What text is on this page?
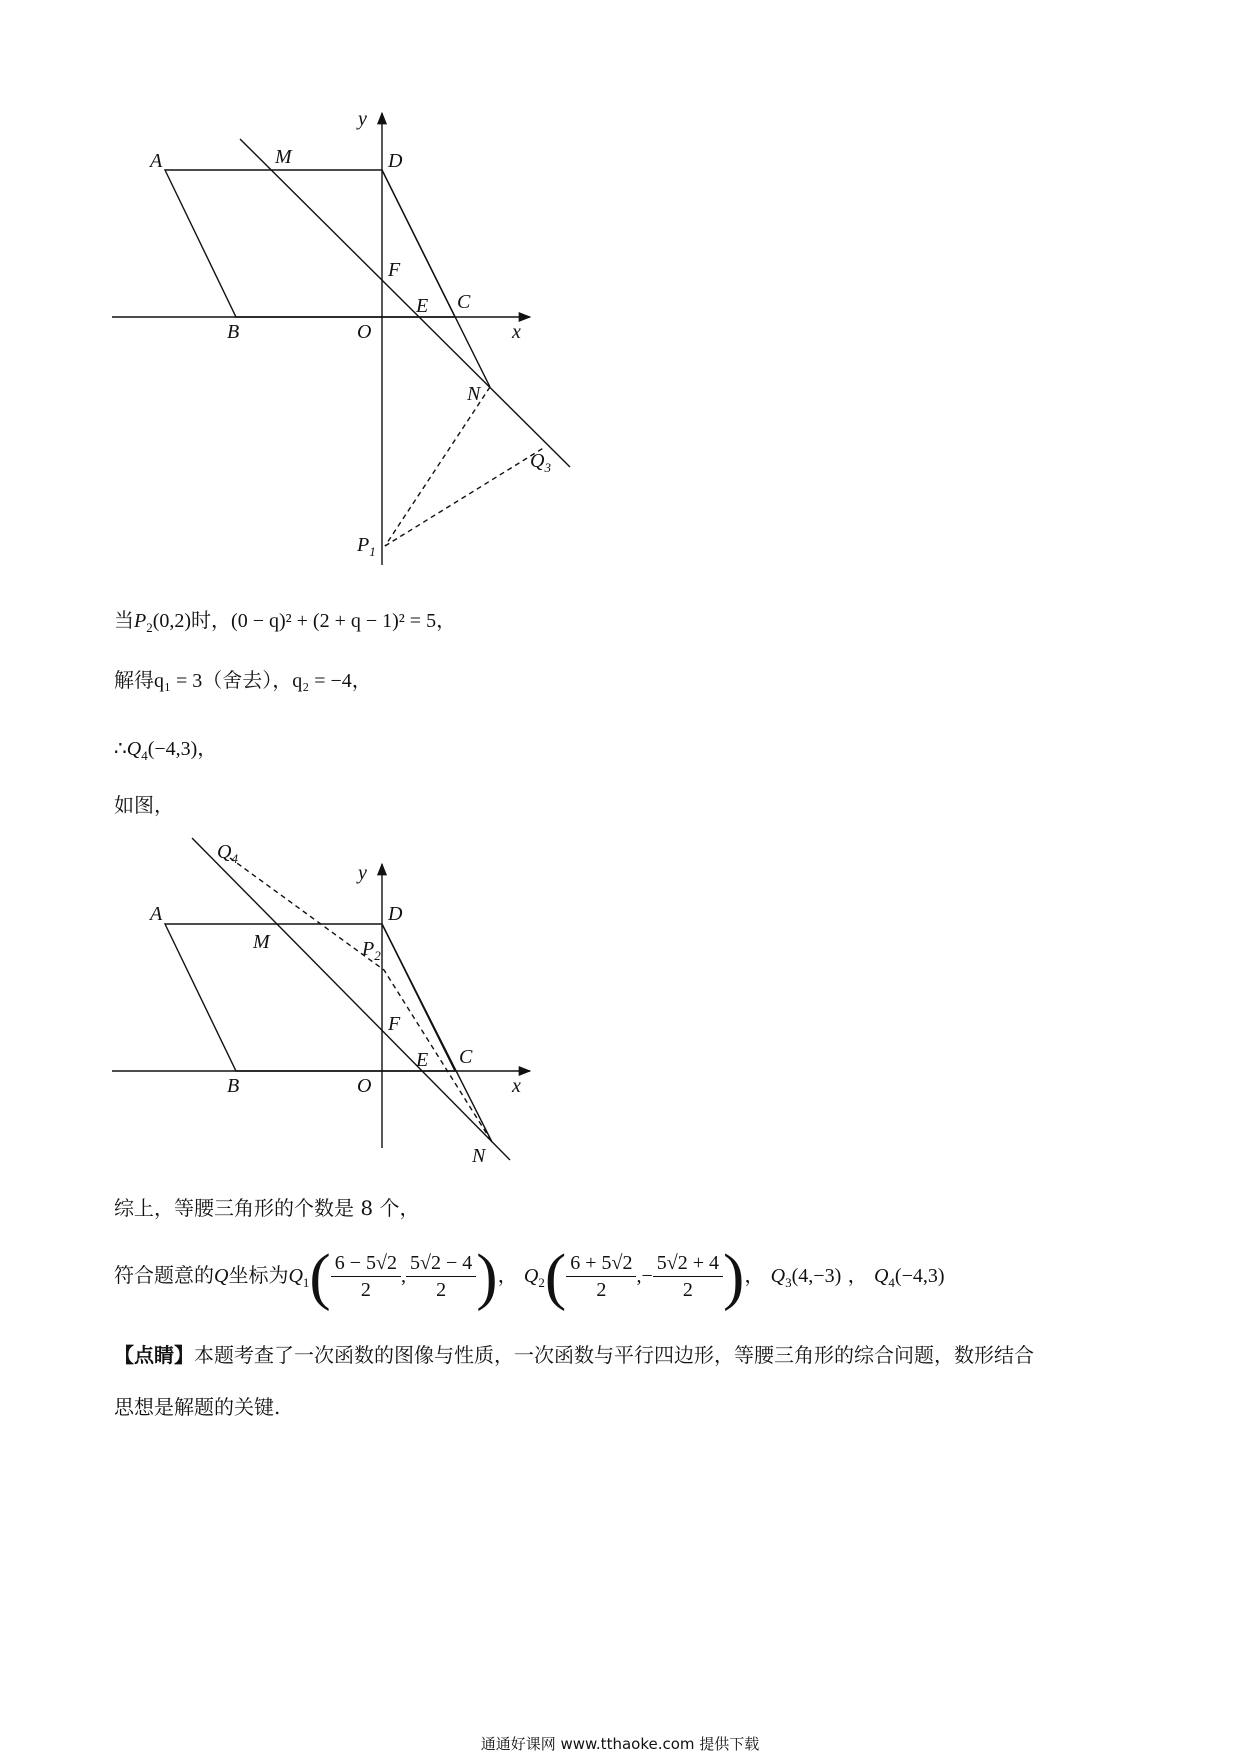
y
A	M	D
F
E C
B	O	x
N
$Q_3$
$P_1$
当$P_2(0,2)$时，(0 − q)² + (2 + q − 1)² = 5，
解得q₁ = 3（舍去），q₂ = −4，
$\therefore Q_4(-4,3)$，
如图，
$Q_4$
y
A	D
M	$P_2$
F
E C
B	O	x
N
综上，等腰三角形的个数是 8 个，
符合题意的Q坐标为$Q_1( \frac{6 - 5√2}{2}$ , $\frac{5√2 - 4}{2}$ )， $Q_2( \frac{6 + 5√2}{2}$ ,− $\frac{5√2 + 4}{2}$ )， $Q_3(4,-3)$ ， $Q_4(-4,3)$
【点睛】本题考查了一次函数的图像与性质，一次函数与平行四边形，等腰三角形的综合问题，数形结合
思想是解题的关键.
通通好课网 www.tthaoke.com 提供下载
